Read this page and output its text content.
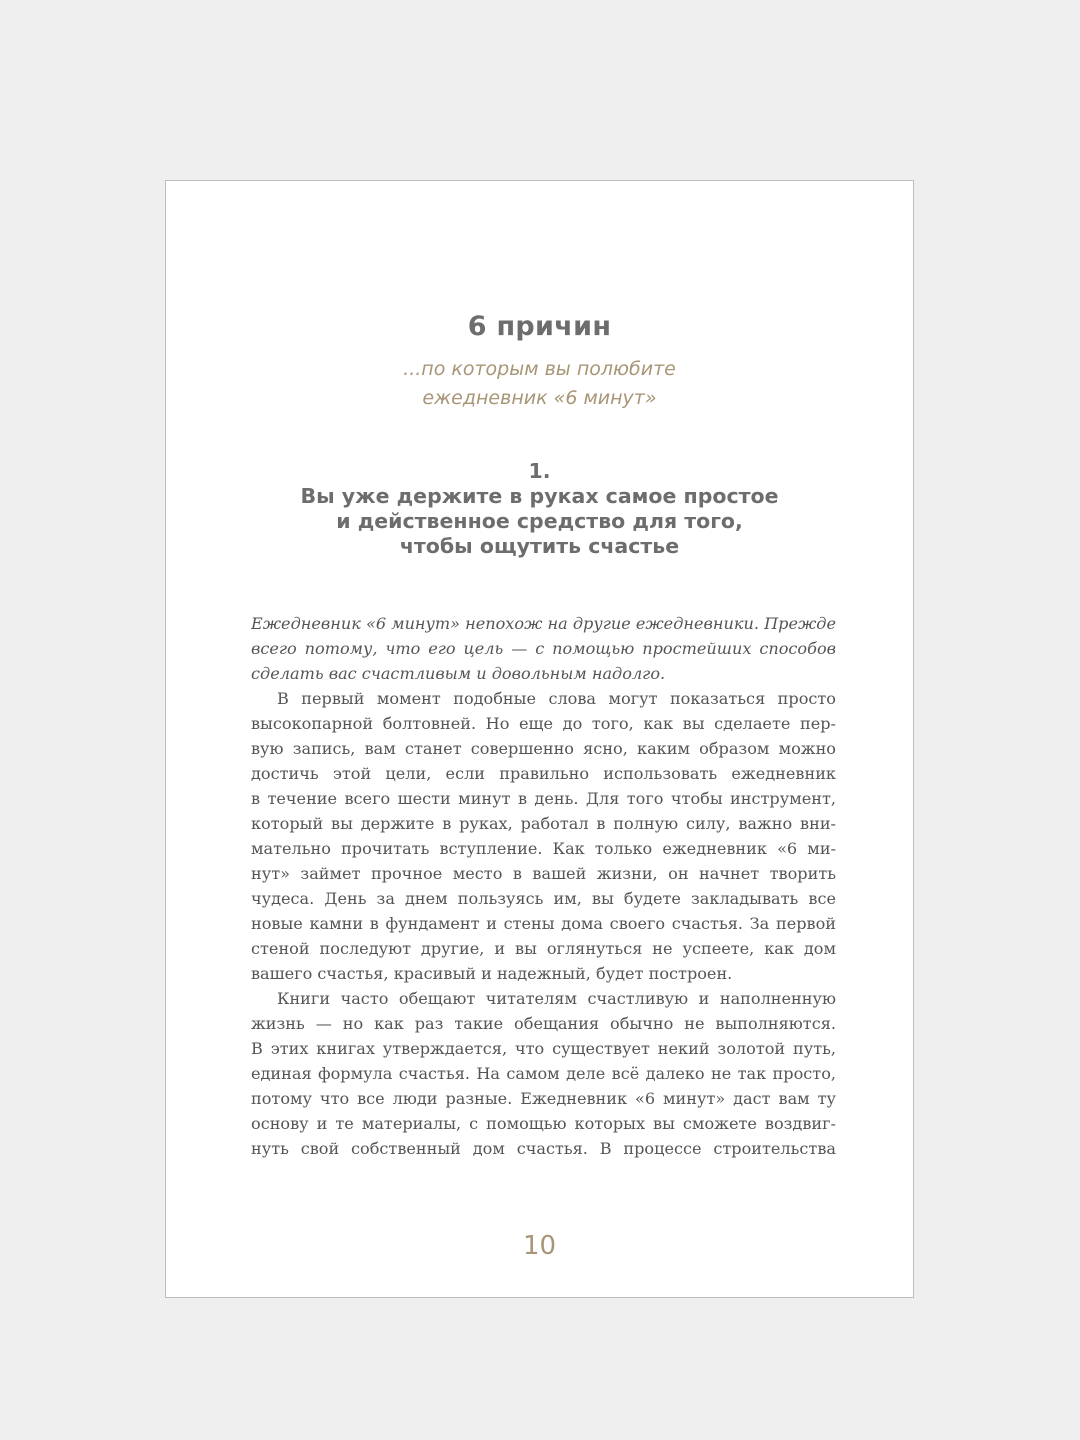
6 причин
...по которым вы полюбите
ежедневник «6 минут»
1.
Вы уже держите в руках самое простое
и действенное средство для того,
чтобы ощутить счастье
Ежедневник «6 минут» непохож на другие ежедневники. Прежде
всего потому, что его цель — с помощью простейших способов
сделать вас счастливым и довольным надолго.
В первый момент подобные слова могут показаться просто
высокопарной болтовней. Но еще до того, как вы сделаете пер-
вую запись, вам станет совершенно ясно, каким образом можно
достичь этой цели, если правильно использовать ежедневник
в течение всего шести минут в день. Для того чтобы инструмент,
который вы держите в руках, работал в полную силу, важно вни-
мательно прочитать вступление. Как только ежедневник «6 ми-
нут» займет прочное место в вашей жизни, он начнет творить
чудеса. День за днем пользуясь им, вы будете закладывать все
новые камни в фундамент и стены дома своего счастья. За первой
стеной последуют другие, и вы оглянуться не успеете, как дом
вашего счастья, красивый и надежный, будет построен.
Книги часто обещают читателям счастливую и наполненную
жизнь — но как раз такие обещания обычно не выполняются.
В этих книгах утверждается, что существует некий золотой путь,
единая формула счастья. На самом деле всё далеко не так просто,
потому что все люди разные. Ежедневник «6 минут» даст вам ту
основу и те материалы, с помощью которых вы сможете воздвиг-
нуть свой собственный дом счастья. В процессе строительства
10
